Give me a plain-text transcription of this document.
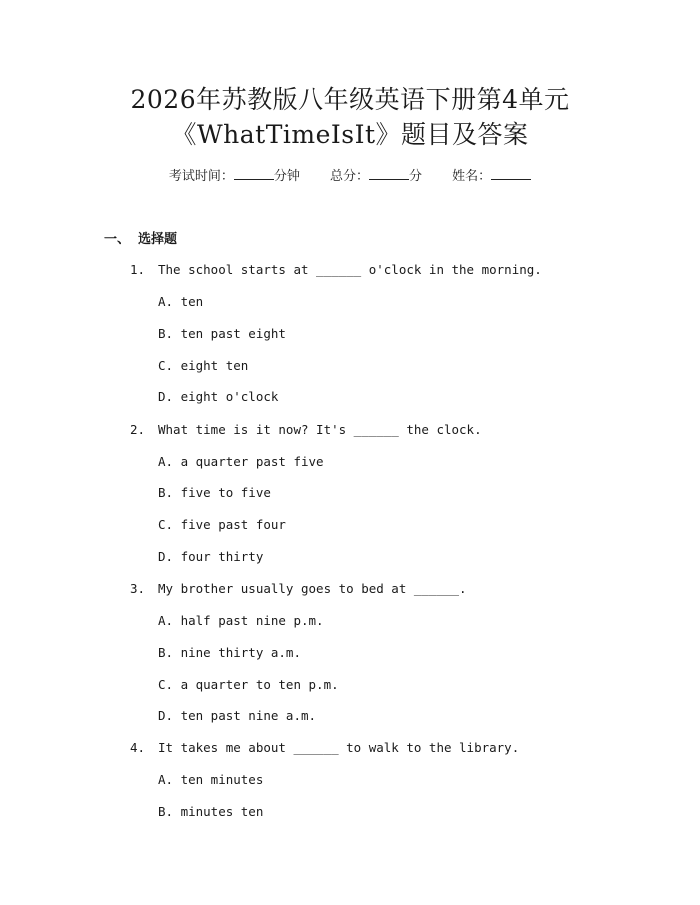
2026年苏教版八年级英语下册第4单元
《WhatTimeIsIt》题目及答案
考试时间：	分钟 总分：	分 姓名：
一、 选择题
1. The school starts at ______ o'clock in the morning.
A. ten
B. ten past eight
C. eight ten
D. eight o'clock
2. What time is it now? It's ______ the clock.
A. a quarter past five
B. five to five
C. five past four
D. four thirty
3. My brother usually goes to bed at ______.
A. half past nine p.m.
B. nine thirty a.m.
C. a quarter to ten p.m.
D. ten past nine a.m.
4. It takes me about ______ to walk to the library.
A. ten minutes
B. minutes ten
